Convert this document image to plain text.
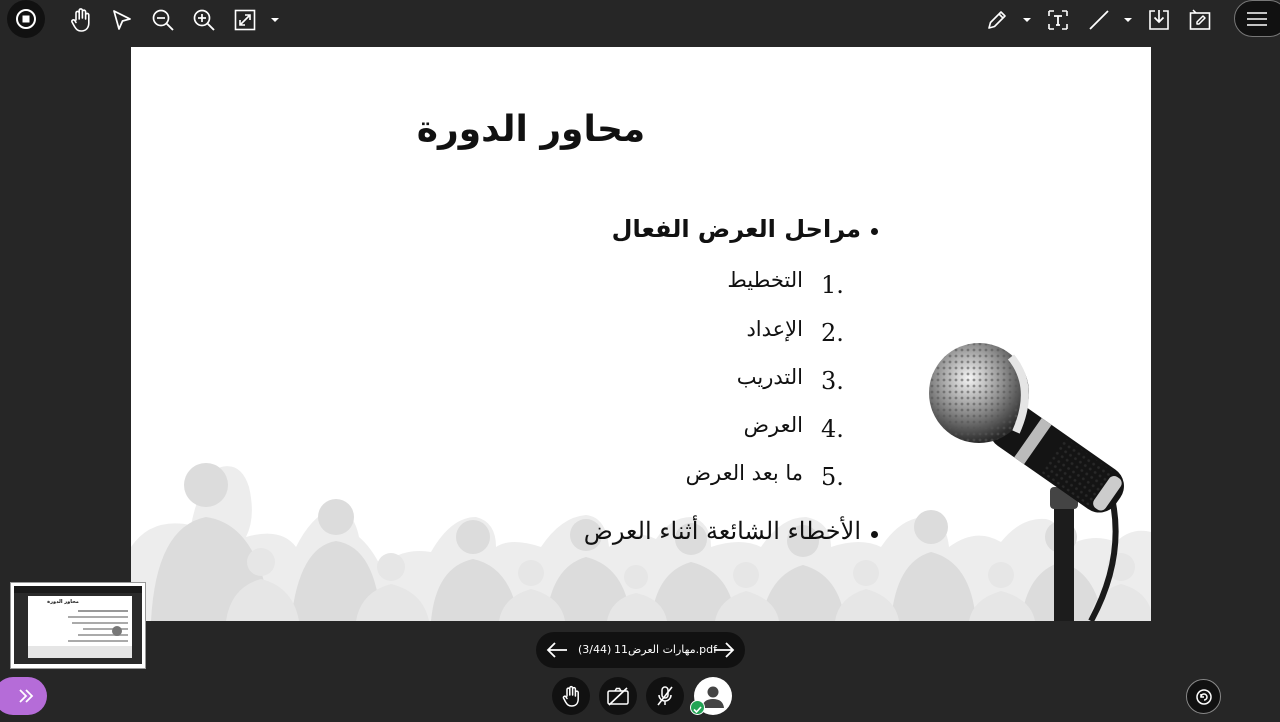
محاور الدورة
مراحل العرض الفعال
1.
التخطيط
2.
الإعداد
3.
التدريب
4.
العرض
5.
ما بعد العرض
الأخطاء الشائعة أثناء العرض
محاور الدورة
(3/44) مهارات العرض11.pdf
